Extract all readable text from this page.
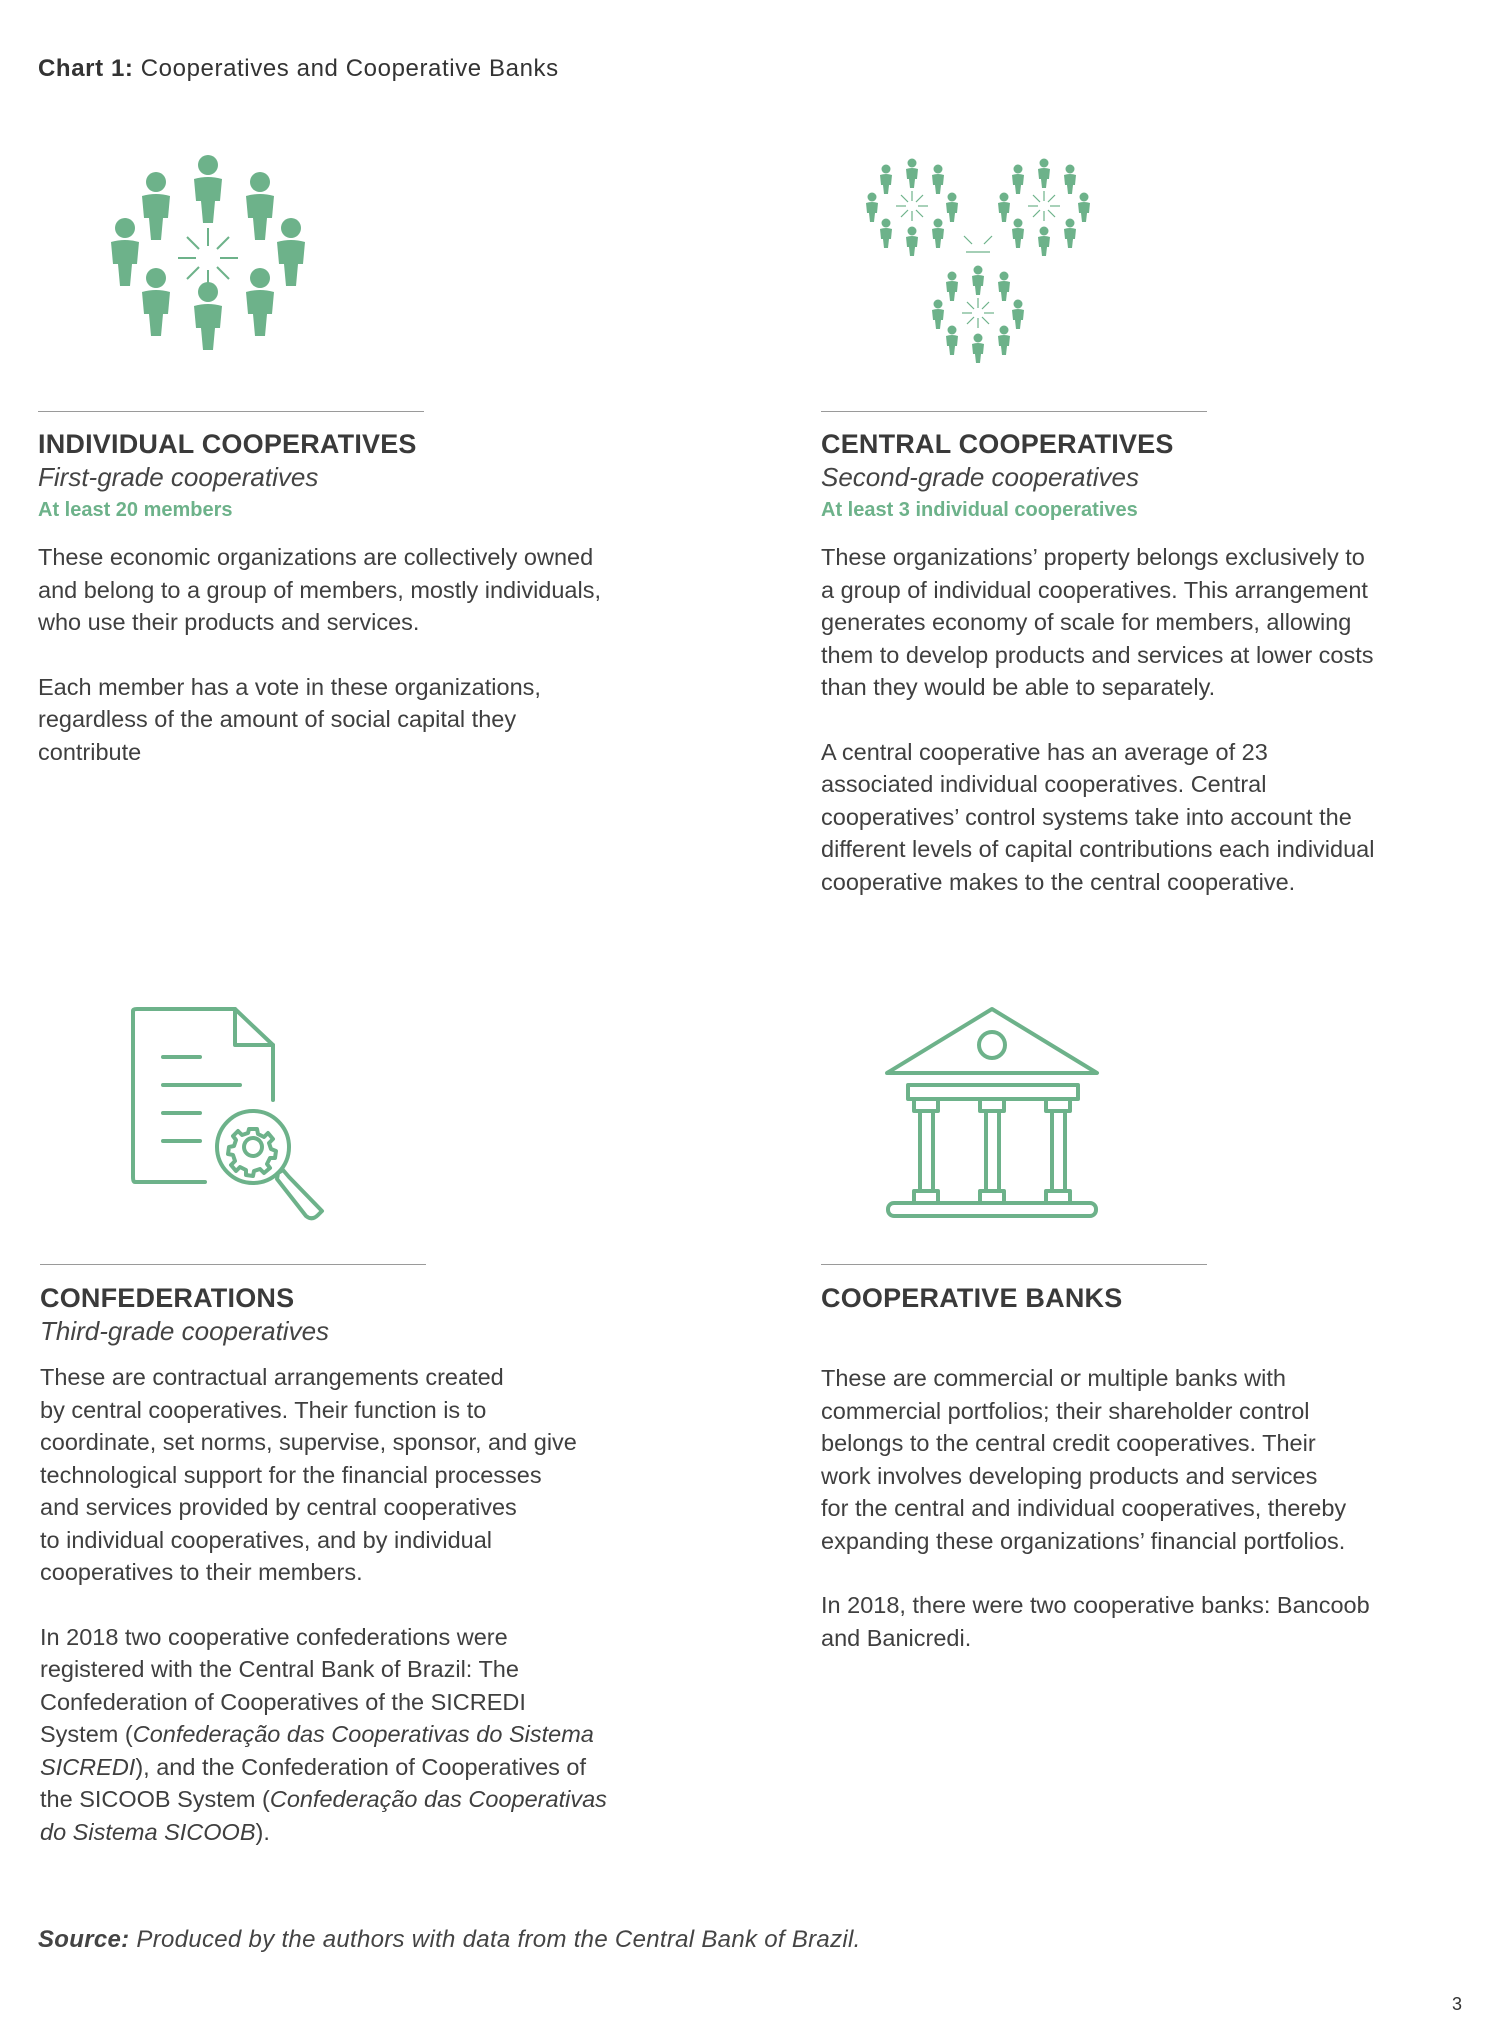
Chart 1: Cooperatives and Cooperative Banks
INDIVIDUAL COOPERATIVES
First-grade cooperatives
At least 20 members

These economic organizations are collectively owned
and belong to a group of members, mostly individuals,
who use their products and services.

Each member has a vote in these organizations,
regardless of the amount of social capital they
contribute

CENTRAL COOPERATIVES
Second-grade cooperatives
At least 3 individual cooperatives

These organizations’ property belongs exclusively to
a group of individual cooperatives. This arrangement
generates economy of scale for members, allowing
them to develop products and services at lower costs
than they would be able to separately.

A central cooperative has an average of 23
associated individual cooperatives. Central
cooperatives’ control systems take into account the
different levels of capital contributions each individual
cooperative makes to the central cooperative.

CONFEDERATIONS
Third-grade cooperatives

These are contractual arrangements created
by central cooperatives. Their function is to
coordinate, set norms, supervise, sponsor, and give
technological support for the financial processes
and services provided by central cooperatives
to individual cooperatives, and by individual
cooperatives to their members.

In 2018 two cooperative confederations were
registered with the Central Bank of Brazil: The
Confederation of Cooperatives of the SICREDI
System (Confederação das Cooperativas do Sistema
SICREDI), and the Confederation of Cooperatives of
the SICOOB System (Confederação das Cooperativas
do Sistema SICOOB).

COOPERATIVE BANKS

These are commercial or multiple banks with
commercial portfolios; their shareholder control
belongs to the central credit cooperatives. Their
work involves developing products and services
for the central and individual cooperatives, thereby
expanding these organizations’ financial portfolios.

In 2018, there were two cooperative banks: Bancoob
and Banicredi.

Source: Produced by the authors with data from the Central Bank of Brazil.
3
